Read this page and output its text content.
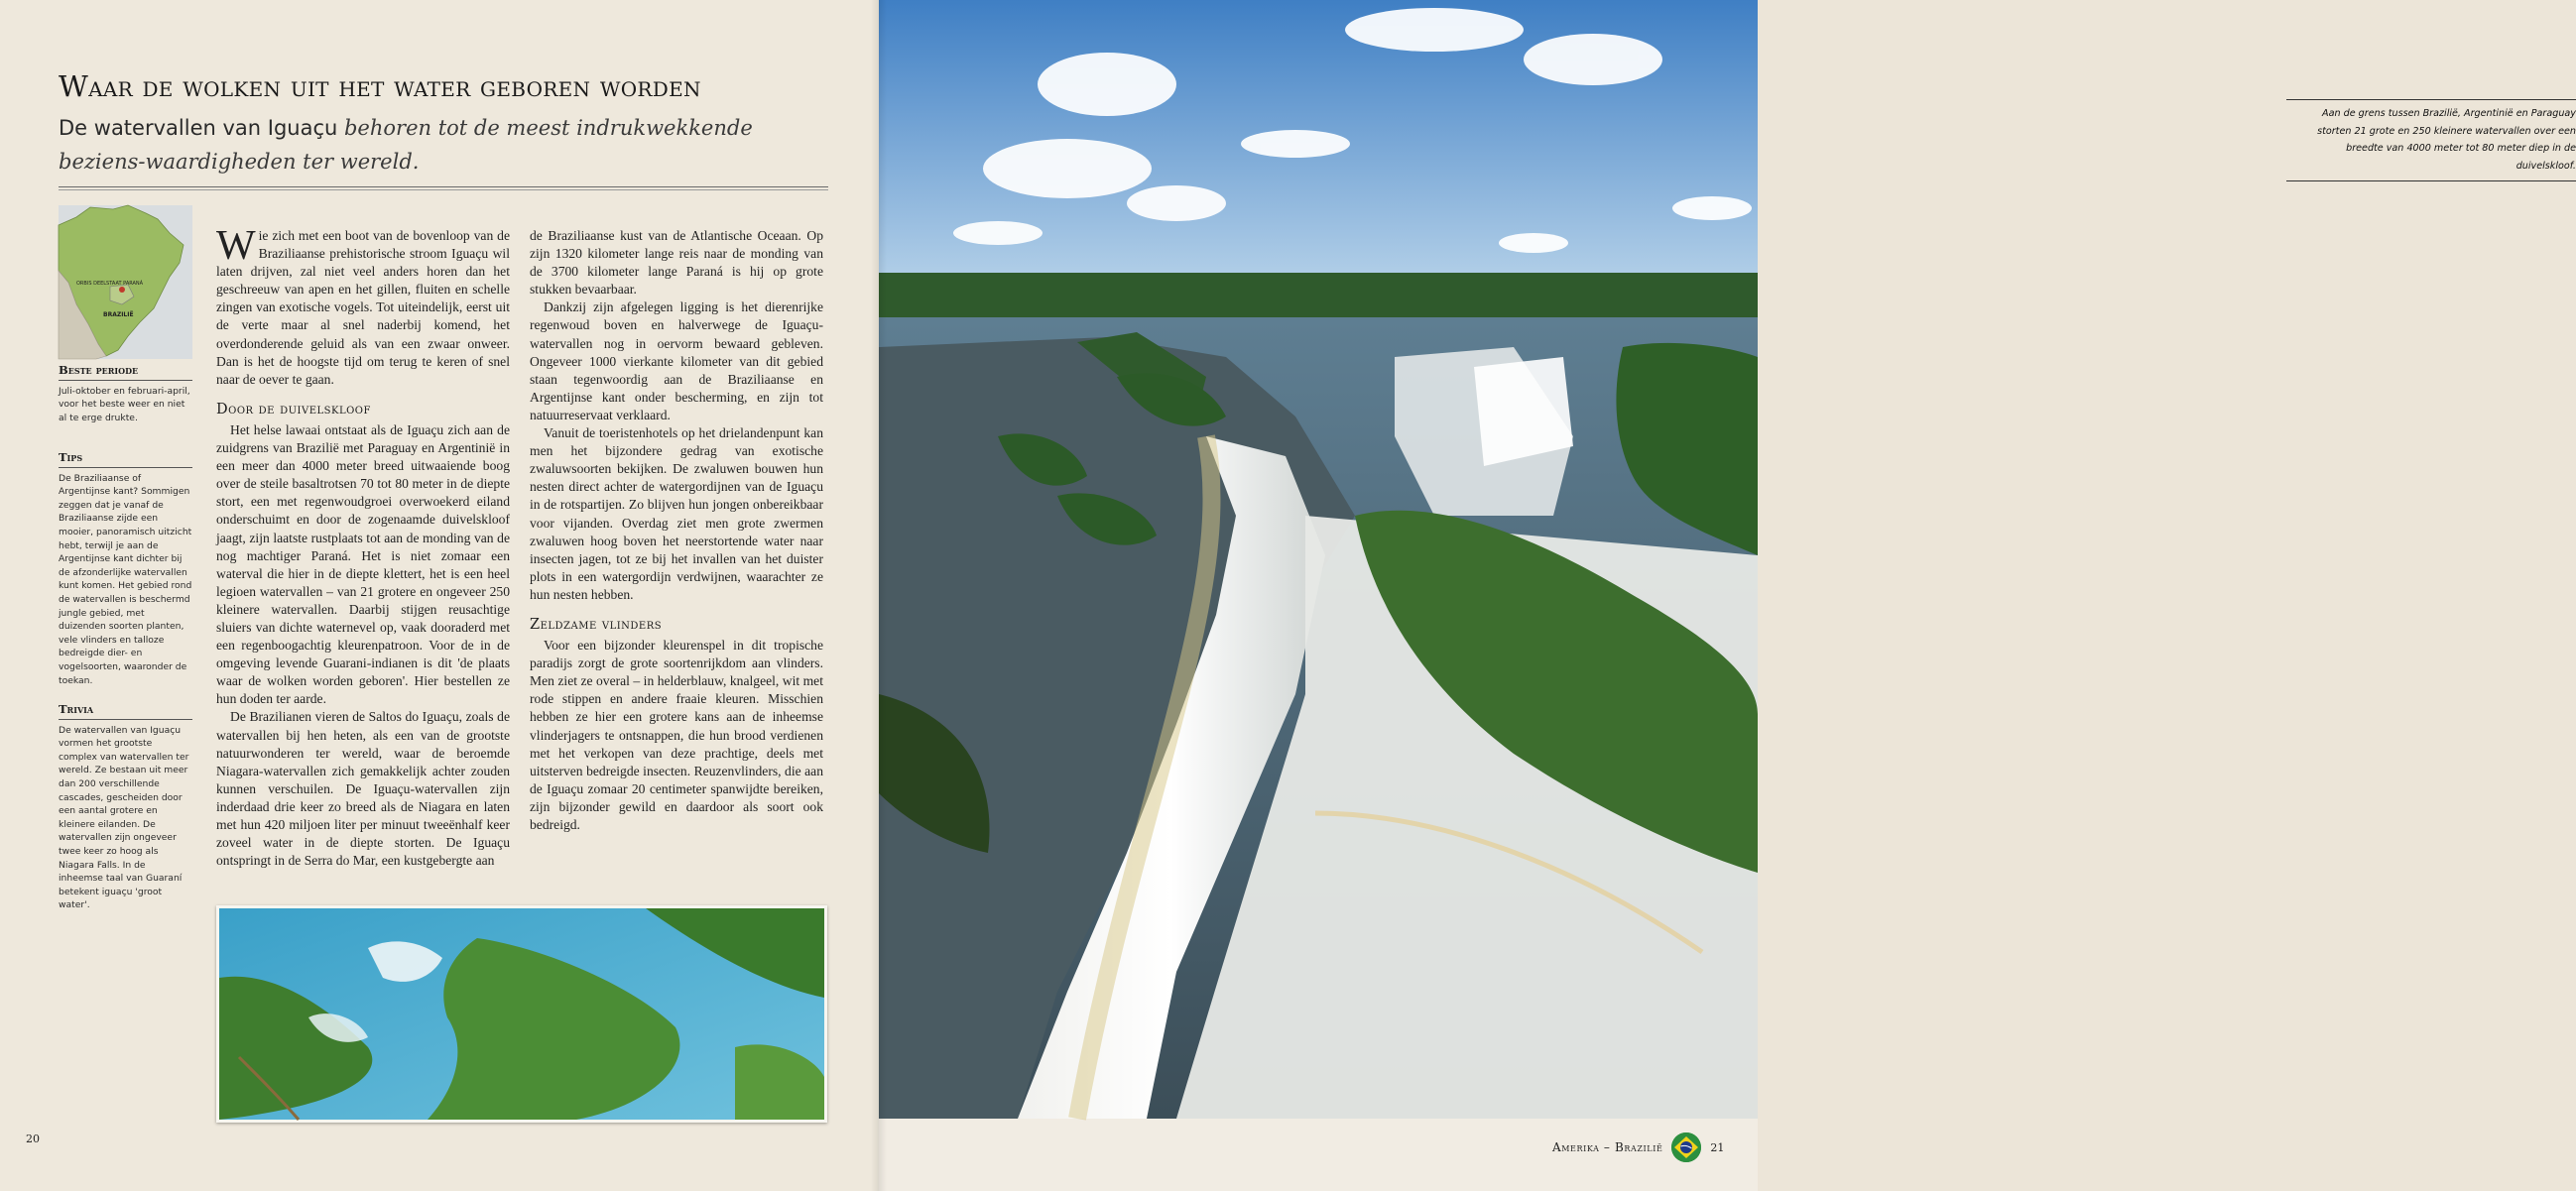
Waar de wolken uit het water geboren worden
De watervallen van Iguaçu behoren tot de meest indrukwekkende beziens-waardigheden ter wereld.
ORBIS DEELSTAAT PARANÁ
BRAZILIË
Beste periode
Juli-oktober en februari-april, voor het beste weer en niet al te erge drukte.
Tips
De Braziliaanse of Argentijnse kant? Sommigen zeggen dat je vanaf de Braziliaanse zijde een mooier, panoramisch uitzicht hebt, terwijl je aan de Argentijnse kant dichter bij de afzonderlijke watervallen kunt komen. Het gebied rond de watervallen is beschermd jungle gebied, met duizenden soorten planten, vele vlinders en talloze bedreigde dier- en vogelsoorten, waaronder de toekan.
Trivia
De watervallen van Iguaçu vormen het grootste complex van watervallen ter wereld. Ze bestaan uit meer dan 200 verschillende cascades, gescheiden door een aantal grotere en kleinere eilanden. De watervallen zijn ongeveer twee keer zo hoog als Niagara Falls. In de inheemse taal van Guaraní betekent iguaçu 'groot water'.

Wie zich met een boot van de bovenloop van de Braziliaanse prehistorische stroom Iguaçu wil laten drijven, zal niet veel anders horen dan het geschreeuw van apen en het gillen, fluiten en schelle zingen van exotische vogels. Tot uiteindelijk, eerst uit de verte maar al snel naderbij komend, het overdonderende geluid als van een zwaar onweer. Dan is het de hoogste tijd om terug te keren of snel naar de oever te gaan.

Door de duivelskloof

Het helse lawaai ontstaat als de Iguaçu zich aan de zuidgrens van Brazilië met Paraguay en Argentinië in een meer dan 4000 meter breed uitwaaiende boog over de steile basaltrotsen 70 tot 80 meter in de diepte stort, een met regenwoudgroei overwoekerd eiland onderschuimt en door de zogenaamde duivelskloof jaagt, zijn laatste rustplaats tot aan de monding van de nog machtiger Paraná. Het is niet zomaar een waterval die hier in de diepte klettert, het is een heel legioen watervallen – van 21 grotere en ongeveer 250 kleinere watervallen. Daarbij stijgen reusachtige sluiers van dichte waternevel op, vaak dooraderd met een regenboogachtig kleurenpatroon. Voor de in de omgeving levende Guarani-indianen is dit 'de plaats waar de wolken worden geboren'. Hier bestellen ze hun doden ter aarde.

De Brazilianen vieren de Saltos do Iguaçu, zoals de watervallen bij hen heten, als een van de grootste natuurwonderen ter wereld, waar de beroemde Niagara-watervallen zich gemakkelijk achter zouden kunnen verschuilen. De Iguaçu-watervallen zijn inderdaad drie keer zo breed als de Niagara en laten met hun 420 miljoen liter per minuut tweeënhalf keer zoveel water in de diepte storten. De Iguaçu ontspringt in de Serra do Mar, een kustgebergte aan

de Braziliaanse kust van de Atlantische Oceaan. Op zijn 1320 kilometer lange reis naar de monding van de 3700 kilometer lange Paraná is hij op grote stukken bevaarbaar.

Dankzij zijn afgelegen ligging is het dierenrijke regenwoud boven en halverwege de Iguaçu-watervallen nog in oervorm bewaard gebleven. Ongeveer 1000 vierkante kilometer van dit gebied staan tegenwoordig aan de Braziliaanse en Argentijnse kant onder bescherming, en zijn tot natuurreservaat verklaard.

Vanuit de toeristenhotels op het drielandenpunt kan men het bijzondere gedrag van exotische zwaluwsoorten bekijken. De zwaluwen bouwen hun nesten direct achter de watergordijnen van de Iguaçu in de rotspartijen. Zo blijven hun jongen onbereikbaar voor vijanden. Overdag ziet men grote zwermen zwaluwen hoog boven het neerstortende water naar insecten jagen, tot ze bij het invallen van het duister plots in een watergordijn verdwijnen, waarachter ze hun nesten hebben.

Zeldzame vlinders

Voor een bijzonder kleurenspel in dit tropische paradijs zorgt de grote soortenrijkdom aan vlinders. Men ziet ze overal – in helderblauw, knalgeel, wit met rode stippen en andere fraaie kleuren. Misschien hebben ze hier een grotere kans aan de inheemse vlinderjagers te ontsnappen, die hun brood verdienen met het verkopen van deze prachtige, deels met uitsterven bedreigde insecten. Reuzenvlinders, die aan de Iguaçu zomaar 20 centimeter spanwijdte bereiken, zijn bijzonder gewild en daardoor als soort ook bedreigd.

20
Aan de grens tussen Brazilië, Argentinië en Paraguay storten 21 grote en 250 kleinere watervallen over een breedte van 4000 meter tot 80 meter diep in de duivelskloof.
Amerika – Brazilië	21
